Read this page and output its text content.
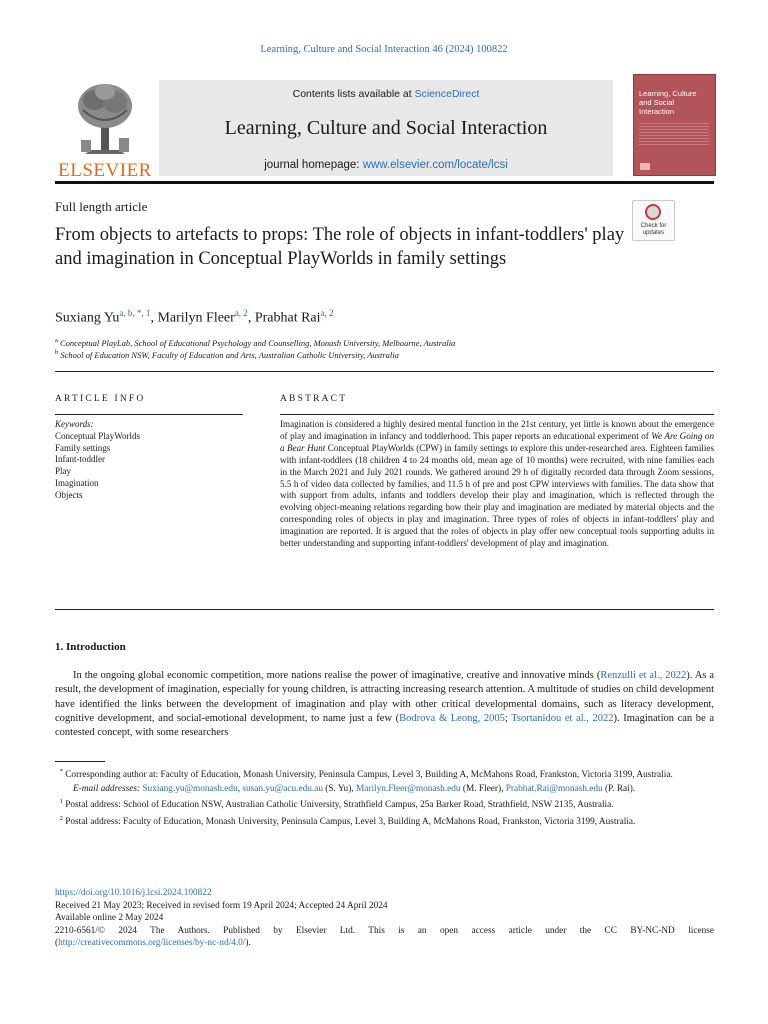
Learning, Culture and Social Interaction 46 (2024) 100822
ELSEVIER
Contents lists available at ScienceDirect
Learning, Culture and Social Interaction
journal homepage: www.elsevier.com/locate/lcsi
Learning, Culture and Social Interaction
Full length article
From objects to artefacts to props: The role of objects in infant-toddlers' play and imagination in Conceptual PlayWorlds in family settings
Check for updates
Suxiang $Yu^{a, b, *, 1}$, Marilyn Fleer$^{a, 2}$, Prabhat Rai$^{a, 2}$
$^a$ Conceptual PlayLab, School of Educational Psychology and Counselling, Monash University, Melbourne, Australia
$^b$ School of Education NSW, Faculty of Education and Arts, Australian Catholic University, Australia
ARTICLE INFO	ABSTRACT
Keywords:
Conceptual PlayWorlds
Family settings
Infant-toddler
Play
Imagination
Objects
Imagination is considered a highly desired mental function in the 21st century, yet little is known about the emergence of play and imagination in infancy and toddlerhood. This paper reports an educational experiment of We Are Going on a Bear Hunt Conceptual PlayWorlds (CPW) in family settings to explore this under-researched area. Eighteen families with infant-toddlers (18 children 4 to 24 months old, mean age of 10 months) were recruited, with nine families each in the March 2021 and July 2021 rounds. We gathered around 29 h of digitally recorded data through Zoom sessions, 5.5 h of video data collected by families, and 11.5 h of pre and post CPW interviews with families. The data show that with support from adults, infants and toddlers develop their play and imagination, which is reflected through the evolving object-meaning relations regarding how their play and imagination are mediated by material objects and the corresponding roles of objects in play and imagination. Three types of roles of objects in infant-toddlers' play and imagination are reported. It is argued that the roles of objects in play offer new conceptual tools supporting adults in better understanding and supporting infant-toddlers' development of play and imagination.
1. Introduction

In the ongoing global economic competition, more nations realise the power of imaginative, creative and innovative minds (Renzulli et al., 2022). As a result, the development of imagination, especially for young children, is attracting increasing research attention. A multitude of studies on child development have identified the links between the development of imagination and play with other critical developmental domains, such as literacy development, cognitive development, and social-emotional development, to name just a few (Bodrova & Leong, 2005; Tsortanidou et al., 2022). Imagination can be a contested concept, with some researchers

* Corresponding author at: Faculty of Education, Monash University, Peninsula Campus, Level 3, Building A, McMahons Road, Frankston, Victoria 3199, Australia.

E-mail addresses: Suxiang.yu@monash.edu, susan.yu@acu.edu.au (S. Yu), Marilyn.Fleer@monash.edu (M. Fleer), Prabhat.Rai@monash.edu (P. Rai).

$^1$ Postal address: School of Education NSW, Australian Catholic University, Strathfield Campus, 25a Barker Road, Strathfield, NSW 2135, Australia.

$^2$ Postal address: Faculty of Education, Monash University, Peninsula Campus, Level 3, Building A, McMahons Road, Frankston, Victoria 3199, Australia.

https://doi.org/10.1016/j.lcsi.2024.100822
Received 21 May 2023; Received in revised form 19 April 2024; Accepted 24 April 2024
Available online 2 May 2024
2210-6561/© 2024 The Authors. Published by Elsevier Ltd. This is an open access article under the CC BY-NC-ND license
(http://creativecommons.org/licenses/by-nc-nd/4.0/).
